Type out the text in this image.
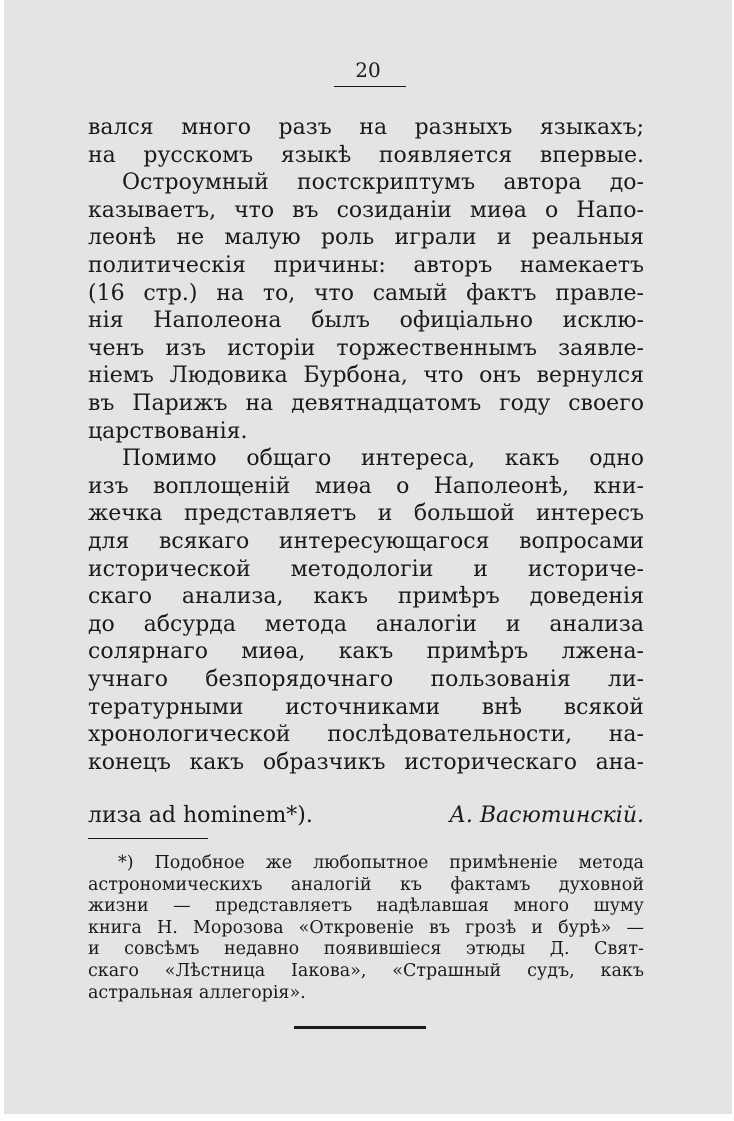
20
вался много разъ на разныхъ языкахъ;
на русскомъ языкѣ появляется впервые.
Остроумный постскриптумъ автора до-
казываетъ, что въ созиданіи миѳа о Напо-
леонѣ не малую роль играли и реальныя
политическія причины: авторъ намекаетъ
(16 стр.) на то, что самый фактъ правле-
нія Наполеона былъ офиціально исклю-
ченъ изъ исторіи торжественнымъ заявле-
ніемъ Людовика Бурбона, что онъ вернулся
въ Парижъ на девятнадцатомъ году своего
царствованія.
Помимо общаго интереса, какъ одно
изъ воплощеній миѳа о Наполеонѣ, кни-
жечка представляетъ и большой интересъ
для всякаго интересующагося вопросами
исторической методологіи и историче-
скаго анализа, какъ примѣръ доведенія
до абсурда метода аналогіи и анализа
солярнаго миѳа, какъ примѣръ лжена-
учнаго безпорядочнаго пользованія ли-
тературными источниками внѣ всякой
хронологической послѣдовательности, на-
конецъ какъ образчикъ историческаго ана-
лиза ad hominem*).	А. Васютинскій.
*) Подобное же любопытное примѣненіе метода
астрономическихъ аналогій къ фактамъ духовной
жизни — представляетъ надѣлавшая много шуму
книга Н. Морозова «Откровеніе въ грозѣ и бурѣ» —
и совсѣмъ недавно появившіеся этюды Д. Свят-
скаго «Лѣстница Іакова», «Страшный судъ, какъ
астральная аллегорія».
